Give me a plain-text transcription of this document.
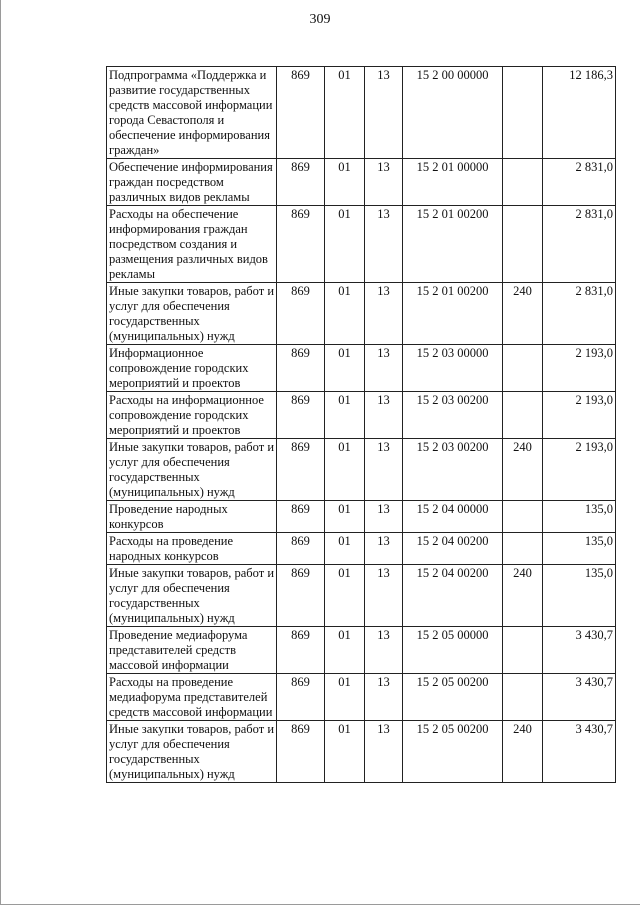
309
Подпрограмма «Поддержка и развитие государственных средств массовой информации города Севастополя и обеспечение информирования граждан»	869	01	13	15 2 00 00000		12 186,3
Обеспечение информирования граждан посредством различных видов рекламы	869	01	13	15 2 01 00000		2 831,0
Расходы на обеспечение информирования граждан посредством создания и размещения различных видов рекламы	869	01	13	15 2 01 00200		2 831,0
Иные закупки товаров, работ и услуг для обеспечения государственных (муниципальных) нужд	869	01	13	15 2 01 00200	240	2 831,0
Информационное сопровождение городских мероприятий и проектов	869	01	13	15 2 03 00000		2 193,0
Расходы на информационное сопровождение городских мероприятий и проектов	869	01	13	15 2 03 00200		2 193,0
Иные закупки товаров, работ и услуг для обеспечения государственных (муниципальных) нужд	869	01	13	15 2 03 00200	240	2 193,0
Проведение народных конкурсов	869	01	13	15 2 04 00000		135,0
Расходы на проведение народных конкурсов	869	01	13	15 2 04 00200		135,0
Иные закупки товаров, работ и услуг для обеспечения государственных (муниципальных) нужд	869	01	13	15 2 04 00200	240	135,0
Проведение медиафорума представителей средств массовой информации	869	01	13	15 2 05 00000		3 430,7
Расходы на проведение медиафорума представителей средств массовой информации	869	01	13	15 2 05 00200		3 430,7
Иные закупки товаров, работ и услуг для обеспечения государственных (муниципальных) нужд	869	01	13	15 2 05 00200	240	3 430,7
